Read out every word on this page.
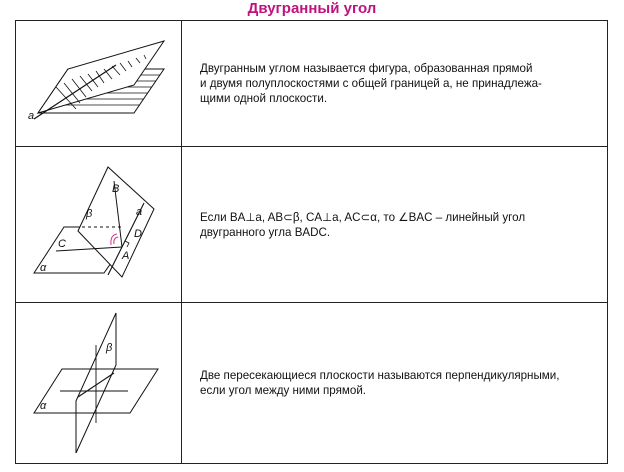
Двугранный угол
a

Двугранным углом называется фигура, образованная прямой
и двумя полуплоскостями с общей границей a, не принадлежа-
щими одной плоскости.

B
β	a
D
C
A
α

Если BA⊥a, AB⊂β, CA⊥a, AC⊂α, то ∠BAC – линейный угол
двугранного угла BADC.

β
α

Две пересекающиеся плоскости называются перпендикулярными,
если угол между ними прямой.
